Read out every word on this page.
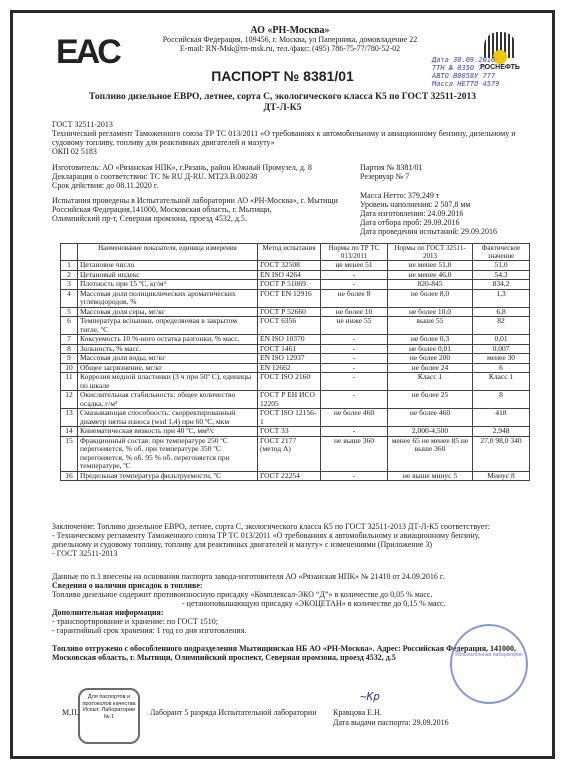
EAC
АО «РН-Москва»
Российская Федерация, 109456, г. Москва, ул Паперника, домовладение 22
E-mail: RN-Msk@rn-msk.ru, тел./факс: (495) 786-75-77/780-52-02
РОСНЕФТЬ
ПАСПОРТ № 8381/01
Дата 30.09.2016
ТТН № 0350 77
АВТО В0058У 777
Масса НЕТТО 4579
Топливо дизельное ЕВРО, летнее, сорта С, экологического класса К5 по ГОСТ 32511-2013
ДТ-Л-К5
ГОСТ 32511-2013
Технический регламент Таможенного союза ТР ТС 013/2011 «О требованиях к автомобильному и авиационному бензину, дизельному и
судовому топливу, топливу для реактивных двигателей и мазуту»
ОКП 02 5183
Изготовитель: АО «Рязанская НПК», г.Рязань, район Южный Промузел, д. 8
Декларация о соответствии: ТС № RU Д-RU. МТ23.В.00238
Срок действия: до 08.11.2020 г.
Испытания проведены в Испытательной лаборатории АО «РН-Москва», г. Мытищи
Российская Федерация,141000, Московская область, г. Мытищи,
Олимпийский пр-т, Северная промзона, проезд 4532, д.5.
Партия № 8381/01
Резервуар № 7
Масса Нетто: 379,249 т
Уровень наполнения: 2 507,8 мм
Дата изготовления: 24.09.2016
Дата отбора проб: 29.09.2016
Дата проведения испытаний: 29.09.2016
	Наименование показателя, единица измерения	Метод испытания	Нормы по ТР ТС 013/2011	Нормы по ГОСТ 32511-2013	Фактическое значение
1	Цетановое число	ГОСТ 32508	не менее 51	не менее 51,0	51,0
2	Цетановый индекс	EN ISO 4264	-	не менее 46,0	54,3
3	Плотность при 15 ºС, кг/м³	ГОСТ Р 51069	-	820-845	834,2
4	Массовая доля полициклических ароматических углеводородов, %	ГОСТ EN 12916	не более 8	не более 8,0	1,3
5	Массовая доля серы, мг/кг	ГОСТ Р 52660	не более 10	не более 10,0	6,8
6	Температура вспышки, определяемая в закрытом тигле, ºС	ГОСТ 6356	не ниже 55	выше 55	82
7	Коксуемость 10 %-ного остатка разгонки, % масс.	EN ISO 10370	-	не более 0,3	0,01
8	Зольность, % масс.	ГОСТ 1461	-	не более 0,01	0,007
9	Массовая доля воды, мг/кг	EN ISO 12937	-	не более 200	менее 30
10	Общее загрязнение, мг/кг	EN 12662	-	не более 24	6
11	Коррозия медной пластинки (3 ч при 50º С), единицы по шкале	ГОСТ ISO 2160	-	Класс 1	Класс 1
12	Окислительная стабильность: общее количество осадка, г/м³	ГОСТ Р ЕН ИСО 12205	-	не более 25	8
13	Смазывающая способность: скорректированный диаметр пятна износа (wsd 1,4) при 60 ºС, мкм	ГОСТ ISO 12156-1	не более 460	не более 460	418
14	Кинематическая вязкость при 40 ºС, мм²/с	ГОСТ 33	-	2,000-4,500	2,948
15	Фракционный состав: при температуре 250 ºС перегоняется, % об. при температуре 350 ºС перегоняется, % об. 95 % об. перегоняется при температуре, ºС	ГОСТ 2177 (метод А)	не выше 360	менее 65 не менее 85 не выше 360	27,0 98,0 340
16	Предельная температура фильтруемости, ºС	ГОСТ 22254	-	не выше минус 5	Минус 8
Заключение: Топливо дизельное ЕВРО, летнее, сорта С, экологического класса К5 по ГОСТ 32511-2013 ДТ-Л-К5 соответствует:
- Техническому регламенту Таможенного союза ТР ТС 013/2011 «О требованиях к автомобильному и авиационному бензину,
дизельному и судовому топливу, топливу для реактивных двигателей и мазуту» с изменениями (Приложение 3)
- ГОСТ 32511-2013
Данные по п.1 внесены на основании паспорта завода-изготовителя АО «Рязанская НПК» № 21410 от 24.09.2016 г.
Сведения о наличии присадок в топливе:
Топливо дизельное содержит противоизносную присадку «Комплексал-ЭКО “Д”» в количестве до 0,05 % масс.
- цетаноповышающую присадку «ЭКОЦЕТАН» в количестве до 0,15 % масс.
Дополнительная информация:
- транспортирование и хранение: по ГОСТ 1510;
- гарантийный срок хранения: 1 год со дня изготовления.
Топливо отгружено с обособленного подразделения Мытищинская НБ АО «РН-Москва». Адрес: Российская Федерация, 141000,
Московская область, г. Мытищи, Олимпийский проспект, Северная промзона, проезд 4532, д.5
Для паспортов и протоколов качества Испыт. Лаборатории № 1
М.П.	Лаборант 5 разряда Испытательной лаборатории
~Кр
Кравцова Е.Н.
Дата выдачи паспорта: 29.09.2016
Испытательная лаборатория
